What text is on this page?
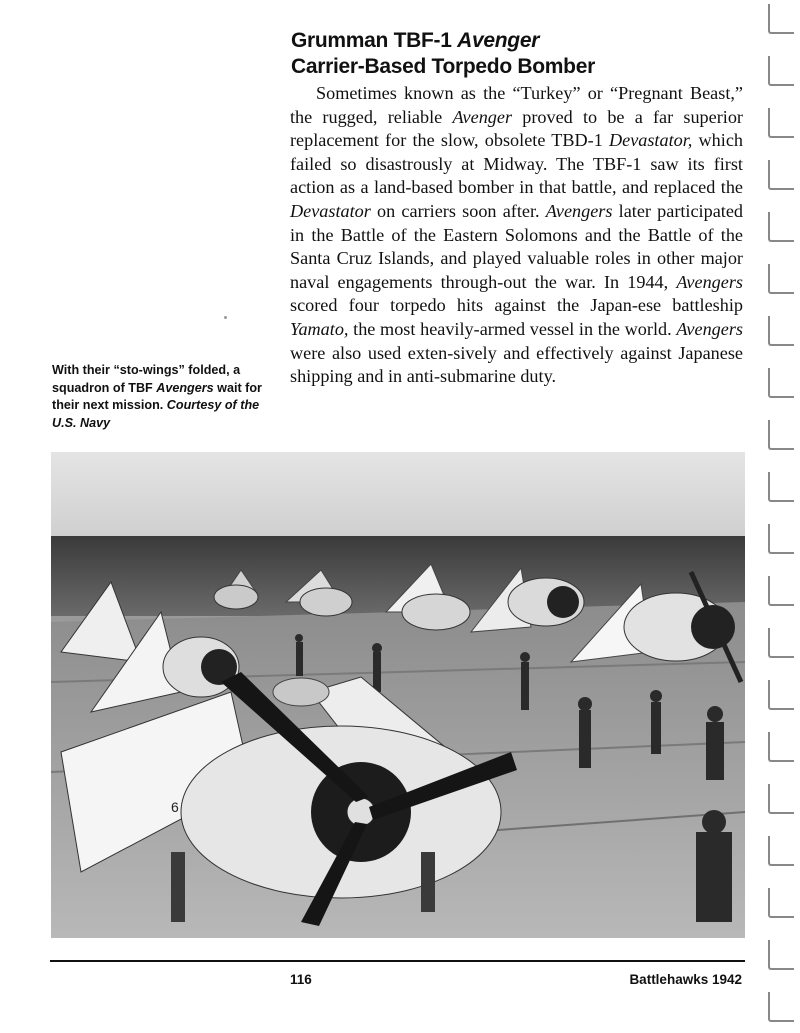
Grumman TBF-1 Avenger
Carrier-Based Torpedo Bomber

Sometimes known as the “Turkey” or “Pregnant Beast,” the rugged, reliable Avenger proved to be a far superior replacement for the slow, obsolete TBD-1 Devastator, which failed so disastrously at Midway. The TBF-1 saw its first action as a land-based bomber in that battle, and replaced the Devastator on carriers soon after. Avengers later participated in the Battle of the Eastern Solomons and the Battle of the Santa Cruz Islands, and played valuable roles in other major naval engagements through-out the war. In 1944, Avengers scored four torpedo hits against the Japan-ese battleship Yamato, the most heavily-armed vessel in the world. Avengers were also used exten-sively and effectively against Japanese shipping and in anti-submarine duty.

With their “sto-wings” folded, a squadron of TBF Avengers wait for their next mission. Courtesy of the U.S. Navy
6
116	Battlehawks 1942
